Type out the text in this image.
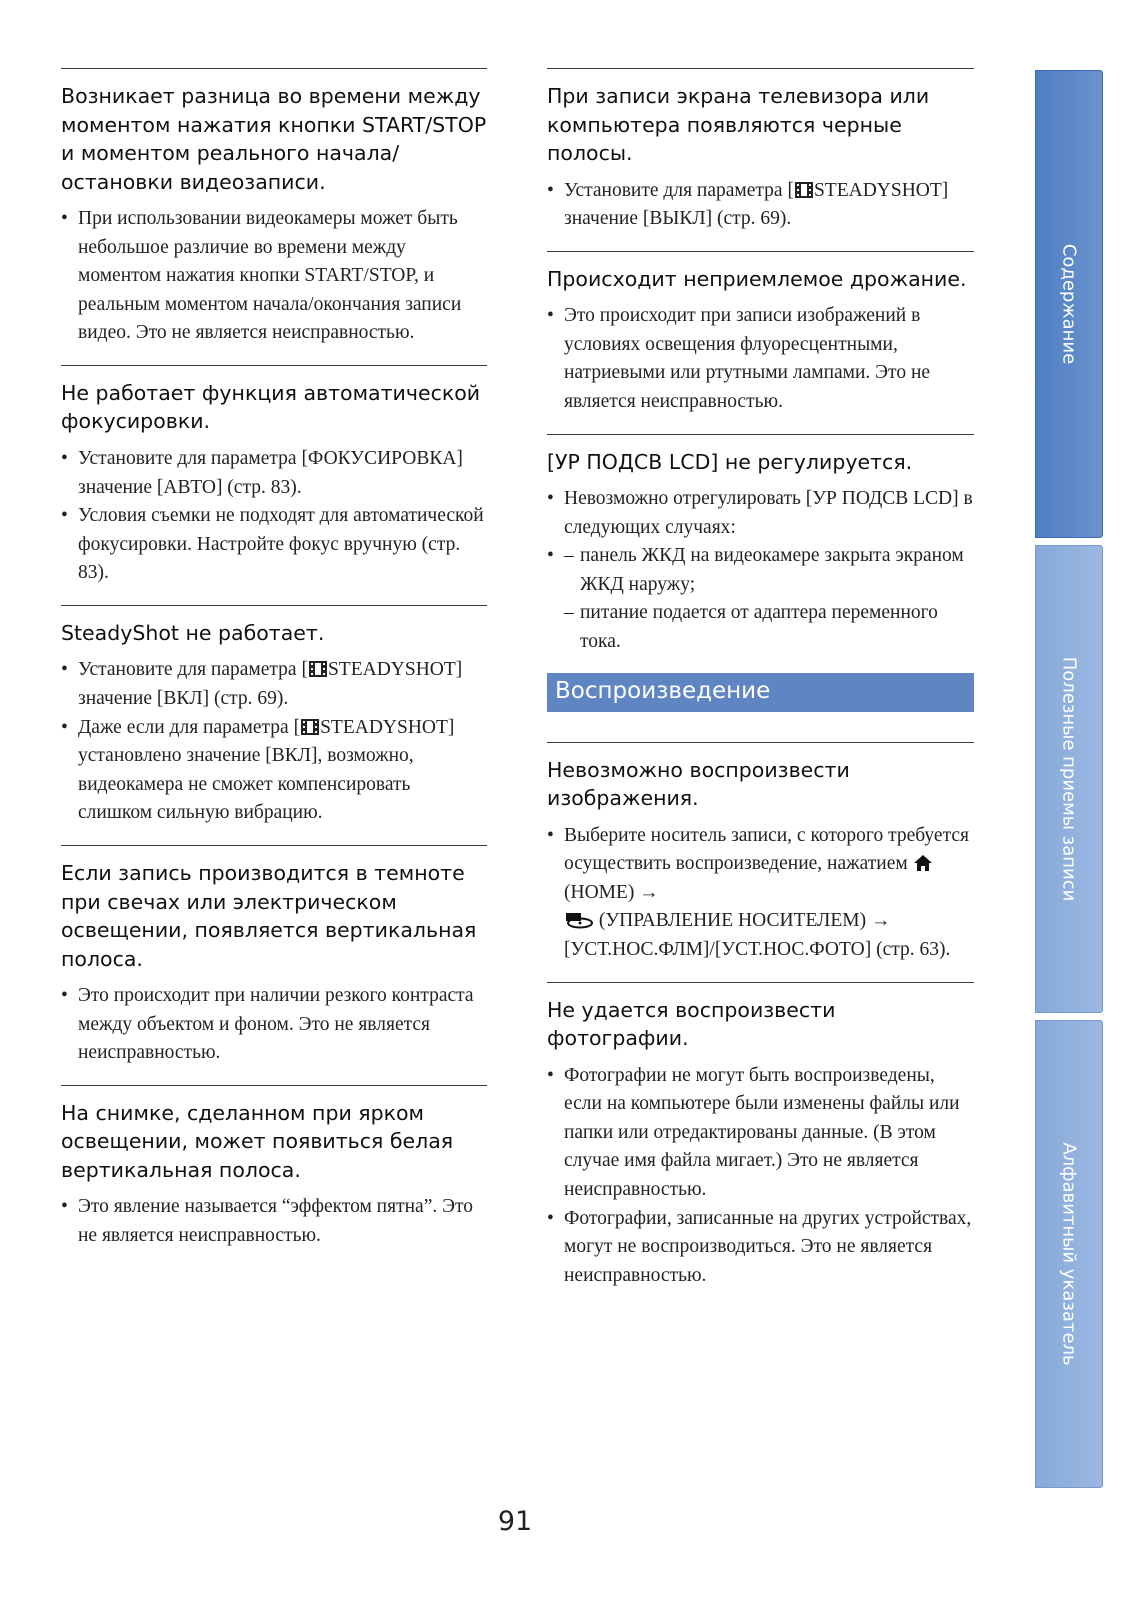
Возникает разница во времени между моментом нажатия кнопки START/STOP и моментом реального начала/остановки видеозаписи.
• При использовании видеокамеры может быть небольшое различие во времени между моментом нажатия кнопки START/STOP, и реальным моментом начала/окончания записи видео. Это не является неисправностью.
Не работает функция автоматической фокусировки.
• Установите для параметра [ФОКУСИРОВКА] значение [АВТО] (стр. 83).
• Условия съемки не подходят для автоматической фокусировки. Настройте фокус вручную (стр. 83).
SteadyShot не работает.
• Установите для параметра [ STEADYSHOT] значение [ВКЛ] (стр. 69).
• Даже если для параметра [ STEADYSHOT] установлено значение [ВКЛ], возможно, видеокамера не сможет компенсировать слишком сильную вибрацию.
Если запись производится в темноте при свечах или электрическом освещении, появляется вертикальная полоса.
• Это происходит при наличии резкого контраста между объектом и фоном. Это не является неисправностью.
На снимке, сделанном при ярком освещении, может появиться белая вертикальная полоса.
• Это явление называется “эффектом пятна”. Это не является неисправностью.
При записи экрана телевизора или компьютера появляются черные полосы.
• Установите для параметра [ STEADYSHOT] значение [ВЫКЛ] (стр. 69).
Происходит неприемлемое дрожание.
• Это происходит при записи изображений в условиях освещения флуоресцентными, натриевыми или ртутными лампами. Это не является неисправностью.
[УР ПОДСВ LCD] не регулируется.
• Невозможно отрегулировать [УР ПОДСВ LCD] в следующих случаях:
– • панель ЖКД на видеокамере закрыта экраном ЖКД наружу;
– питание подается от адаптера переменного тока.
Воспроизведение
Невозможно воспроизвести изображения.
• Выберите носитель записи, с которого требуется осуществить воспроизведение, нажатием  (HOME) →
(УПРАВЛЕНИЕ НОСИТЕЛЕМ) →
[УСТ.НОС.ФЛМ]/[УСТ.НОС.ФОТО] (стр. 63).
Не удается воспроизвести фотографии.
• Фотографии не могут быть воспроизведены, если на компьютере были изменены файлы или папки или отредактированы данные. (В этом случае имя файла мигает.) Это не является неисправностью.
• Фотографии, записанные на других устройствах, могут не воспроизводиться. Это не является неисправностью.
Содержание
Полезные приемы записи
Алфавитный указатель
91
